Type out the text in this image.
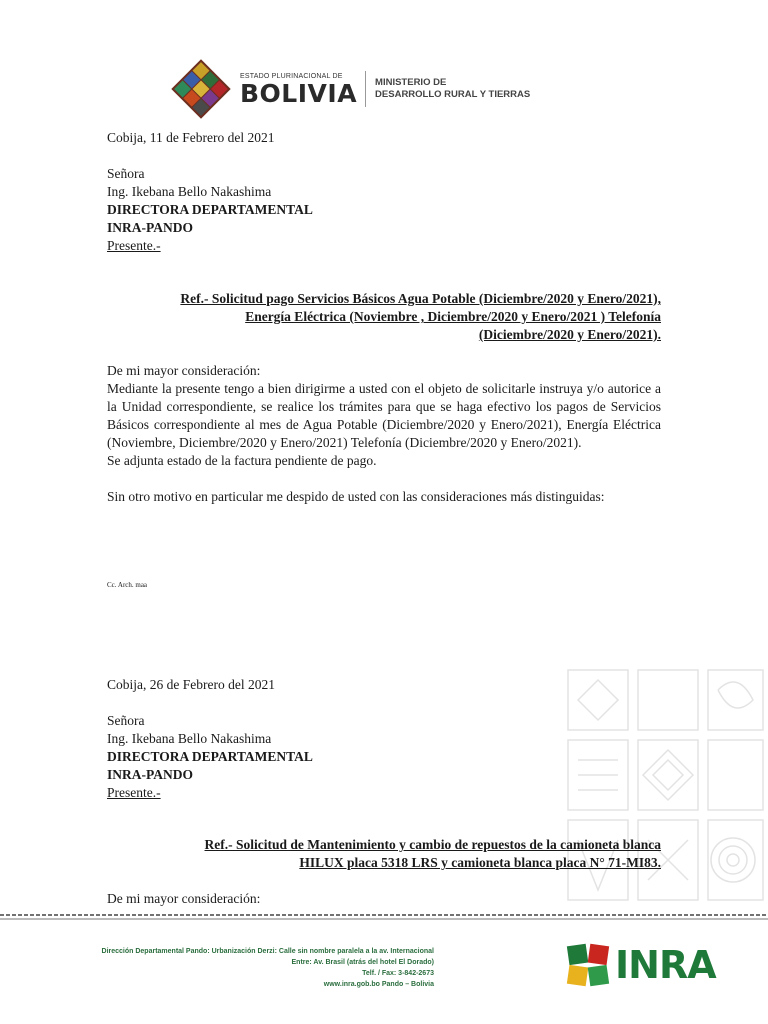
ESTADO PLURINACIONAL DE
BOLIVIA MINISTERIO DE
DESARROLLO RURAL Y TIERRAS
Cobija, 11 de Febrero del 2021
Señora
Ing. Ikebana Bello Nakashima
DIRECTORA DEPARTAMENTAL
INRA-PANDO
Presente.-
Ref.- Solicitud pago Servicios Básicos Agua Potable (Diciembre/2020 y Enero/2021),
Energía Eléctrica (Noviembre , Diciembre/2020 y Enero/2021 ) Telefonía
(Diciembre/2020 y Enero/2021).

De mi mayor consideración:

Mediante la presente tengo a bien dirigirme a usted con el objeto de solicitarle instruya y/o autorice a la Unidad correspondiente, se realice los trámites para que se haga efectivo los pagos de Servicios Básicos correspondiente al mes de Agua Potable (Diciembre/2020 y Enero/2021), Energía Eléctrica (Noviembre, Diciembre/2020 y Enero/2021) Telefonía (Diciembre/2020 y Enero/2021).

Se adjunta estado de la factura pendiente de pago.

Sin otro motivo en particular me despido de usted con las consideraciones más distinguidas:

Cc. Arch. maa
Cobija, 26 de Febrero del 2021
Señora
Ing. Ikebana Bello Nakashima
DIRECTORA DEPARTAMENTAL
INRA-PANDO
Presente.-
Ref.- Solicitud de Mantenimiento y cambio de repuestos de la camioneta blanca
HILUX placa 5318 LRS y camioneta blanca placa N° 71-MI83.
De mi mayor consideración:
Dirección Departamental Pando: Urbanización Derzi: Calle sin nombre paralela a la av. Internacional
Entre: Av. Brasil (atrás del hotel El Dorado)
Telf. / Fax: 3-842-2673
www.inra.gob.bo Pando – Bolivia	INRA
